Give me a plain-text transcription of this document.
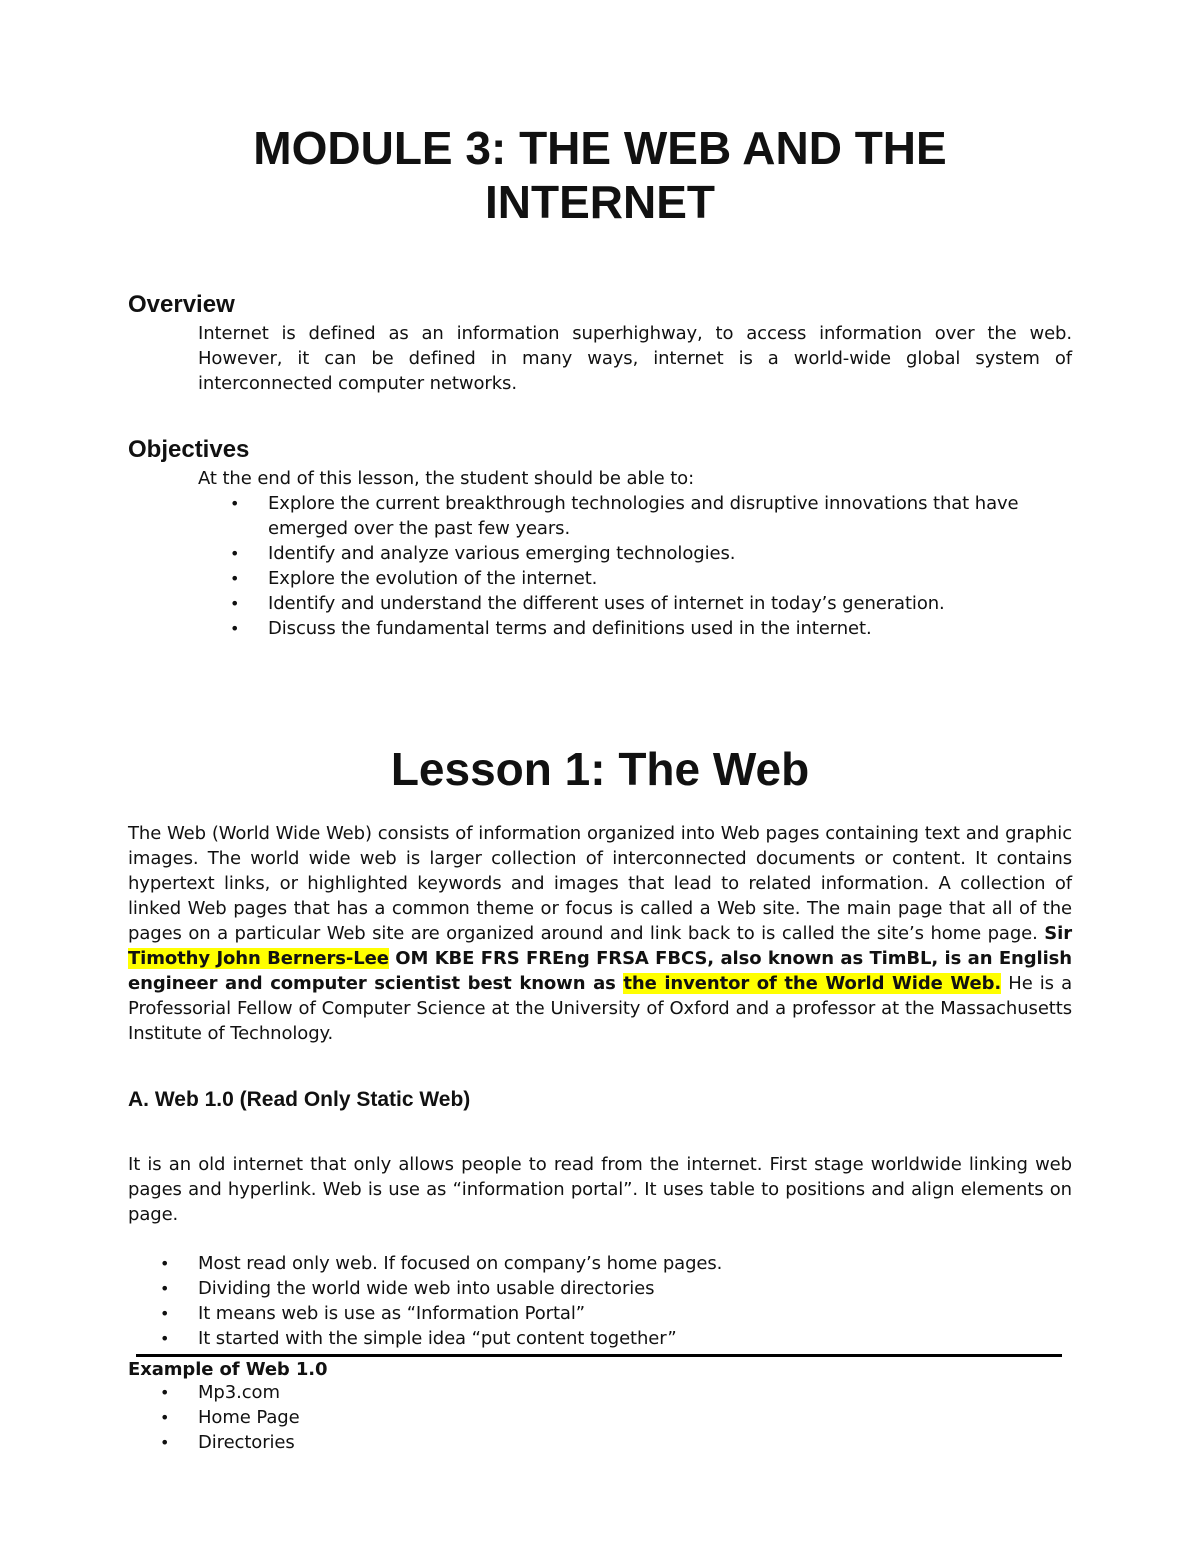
MODULE 3: THE WEB AND THE
INTERNET
Overview

Internet is defined as an information superhighway, to access information over the web. However, it can be defined in many ways, internet is a world-wide global system of interconnected computer networks.

Objectives

At the end of this lesson, the student should be able to:

• Explore the current breakthrough technologies and disruptive innovations that have emerged over the past few years.
• Identify and analyze various emerging technologies.
• Explore the evolution of the internet.
• Identify and understand the different uses of internet in today’s generation.
• Discuss the fundamental terms and definitions used in the internet.
Lesson 1: The Web

The Web (World Wide Web) consists of information organized into Web pages containing text and graphic images. The world wide web is larger collection of interconnected documents or content. It contains hypertext links, or highlighted keywords and images that lead to related information. A collection of linked Web pages that has a common theme or focus is called a Web site. The main page that all of the pages on a particular Web site are organized around and link back to is called the site’s home page. Sir Timothy John Berners-Lee OM KBE FRS FREng FRSA FBCS, also known as TimBL, is an English engineer and computer scientist best known as the inventor of the World Wide Web. He is a Professorial Fellow of Computer Science at the University of Oxford and a professor at the Massachusetts Institute of Technology.

A. Web 1.0 (Read Only Static Web)

It is an old internet that only allows people to read from the internet. First stage worldwide linking web pages and hyperlink. Web is use as “information portal”. It uses table to positions and align elements on page.

• Most read only web. If focused on company’s home pages.
• Dividing the world wide web into usable directories
• It means web is use as “Information Portal”
• It started with the simple idea “put content together”

Example of Web 1.0

• Mp3.com
• Home Page
• Directories
